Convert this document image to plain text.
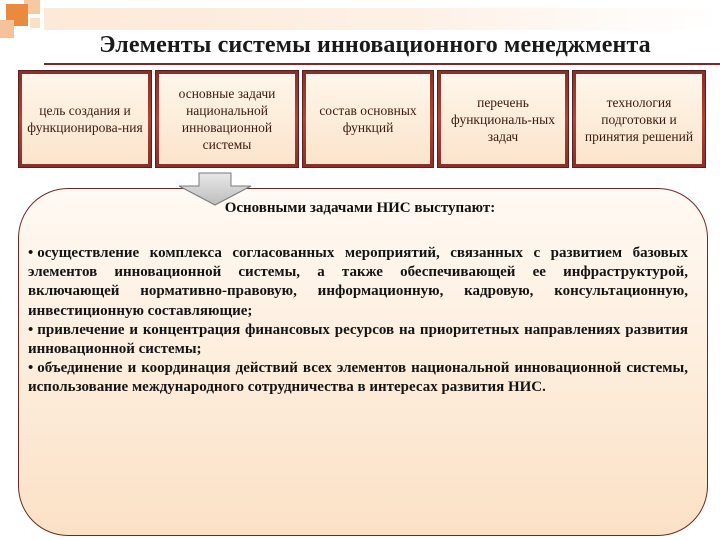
Элементы системы инновационного менеджмента
цель создания и функционирова-ния
основные задачи национальной инновационной системы
состав основных функций
перечень функциональ-ных задач
технология подготовки и принятия решений
Основными задачами НИС выступают:

• осуществление комплекса согласованных мероприятий, связанных с развитием базовых элементов инновационной системы, а также обеспечивающей ее инфраструктурой, включающей нормативно-правовую, информационную, кадровую, консультационную, инвестиционную составляющие;

• привлечение и концентрация финансовых ресурсов на приоритетных направлениях развития инновационной системы;

• объединение и координация действий всех элементов национальной инновационной системы, использование международного сотрудничества в интересах развития НИС.
